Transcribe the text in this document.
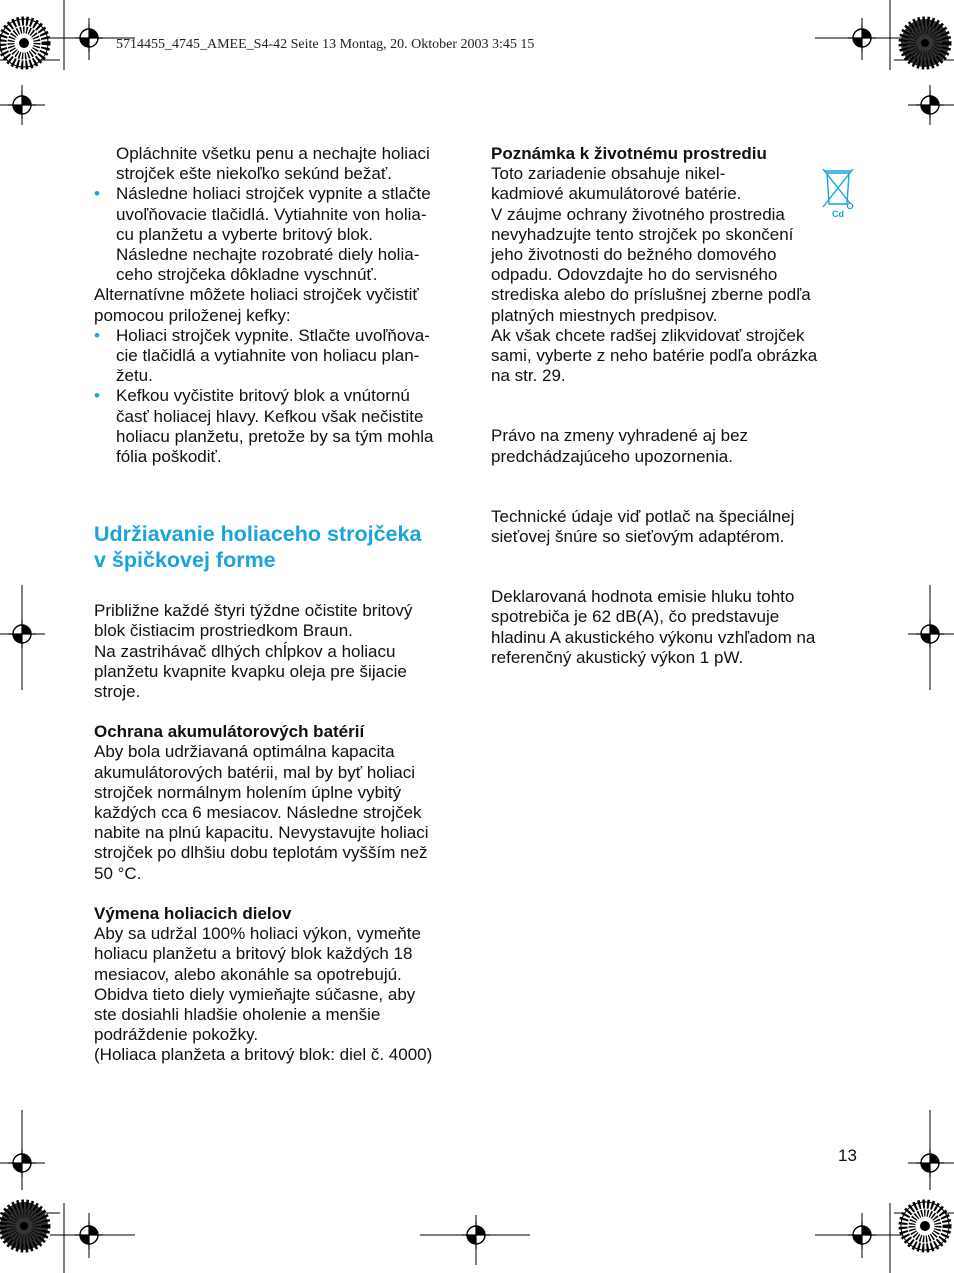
5714455_4745_AMEE_S4-42 Seite 13 Montag, 20. Oktober 2003 3:45 15
Opláchnite všetku penu a nechajte holiaci
strojček ešte niekoľko sekúnd bežať.
• Následne holiaci strojček vypnite a stlačte
uvoľňovacie tlačidlá. Vytiahnite von holia-
cu planžetu a vyberte britový blok.
Následne nechajte rozobraté diely holia-
ceho strojčeka dôkladne vyschnúť.
Alternatívne môžete holiaci strojček vyčistiť
pomocou priloženej kefky:
• Holiaci strojček vypnite. Stlačte uvoľňova-
cie tlačidlá a vytiahnite von holiacu plan-
žetu.
• Kefkou vyčistite britový blok a vnútornú
časť holiacej hlavy. Kefkou však nečistite
holiacu planžetu, pretože by sa tým mohla
fólia poškodiť.
Udržiavanie holiaceho strojčeka
v špičkovej forme
Približne každé štyri týždne očistite britový
blok čistiacim prostriedkom Braun.
Na zastrihávač dlhých chĺpkov a holiacu
planžetu kvapnite kvapku oleja pre šijacie
stroje.
Ochrana akumulátorových batérií
Aby bola udržiavaná optimálna kapacita
akumulátorových batérii, mal by byť holiaci
strojček normálnym holením úplne vybitý
každých cca 6 mesiacov. Následne strojček
nabite na plnú kapacitu. Nevystavujte holiaci
strojček po dlhšiu dobu teplotám vyšším než
50 °C.
Výmena holiacich dielov
Aby sa udržal 100% holiaci výkon, vymeňte
holiacu planžetu a britový blok každých 18
mesiacov, alebo akonáhle sa opotrebujú.
Obidva tieto diely vymieňajte súčasne, aby
ste dosiahli hladšie oholenie a menšie
podráždenie pokožky.
(Holiaca planžeta a britový blok: diel č. 4000)
Poznámka k životnému prostrediu
Toto zariadenie obsahuje nikel-
kadmiové akumulátorové batérie.
V záujme ochrany životného prostredia
nevyhadzujte tento strojček po skončení
jeho životnosti do bežného domového
odpadu. Odovzdajte ho do servisného
strediska alebo do príslušnej zberne podľa
platných miestnych predpisov.
Ak však chcete radšej zlikvidovať strojček
sami, vyberte z neho batérie podľa obrázka
na str. 29.
Právo na zmeny vyhradené aj bez
predchádzajúceho upozornenia.
Technické údaje viď potlač na špeciálnej
sieťovej šnúre so sieťovým adaptérom.
Deklarovaná hodnota emisie hluku tohto
spotrebiča je 62 dB(A), čo predstavuje
hladinu A akustického výkonu vzhľadom na
referenčný akustický výkon 1 pW.
Cd
13
